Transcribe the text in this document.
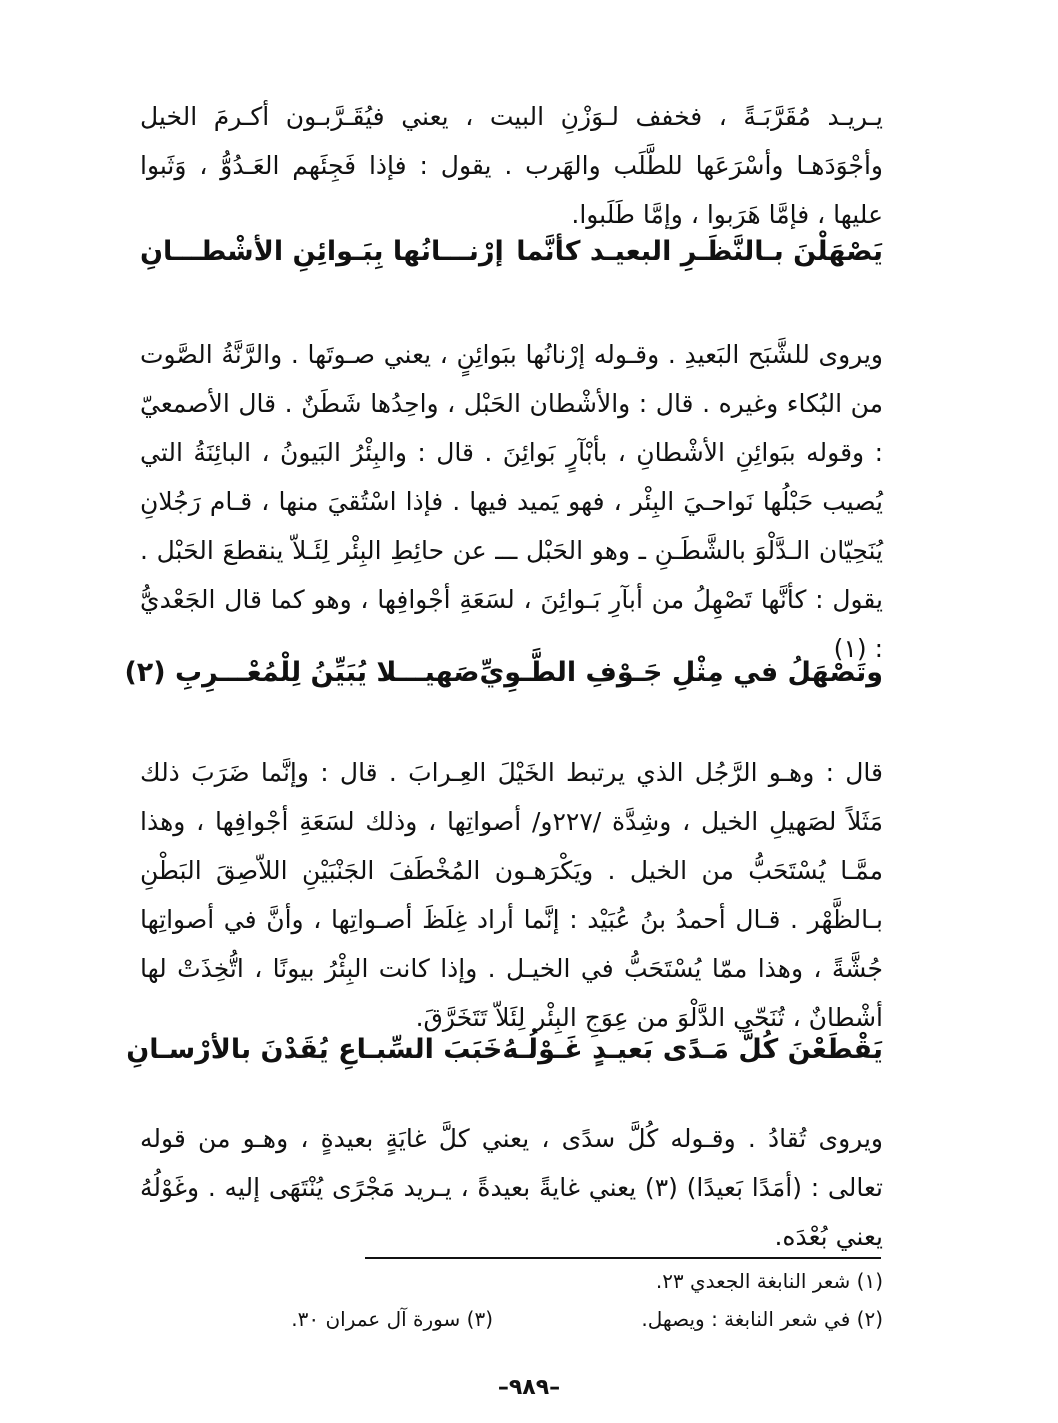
يـريـد مُقَرَّبَـةً ، فخفف لـوَزْنِ البيت ، يعني فيُقَـرَّبـون أكـرمَ الخيل وأجْوَدَهـا وأسْرَعَها للطَّلَب والهَرب . يقول : فإذا فَجِئَهم العَـدُوُّ ، وَثَبوا عليها ، فإمَّا هَرَبوا ، وإمَّا طَلَبوا.

يَصْهَلْنَ بـالنَّظَـرِ البعيـد كأنَّما
إرْنـــانُها بِبَـوائِنِ الأشْطـــانِ

ويروى للشَّبَح البَعيدِ . وقـوله إرْنانُها ببَوائِنٍ ، يعني صـوتَها . والرَّنَّةُ الصَّوت من البُكاء وغيره . قال : والأشْطان الحَبْل ، واحِدُها شَطَنٌ . قال الأصمعيّ : وقوله ببَوائِنِ الأشْطانِ ، بأبْآرٍ بَوائِنَ . قال : والبِئْرُ البَيونُ ، البائِنَةُ التي يُصيب حَبْلُها نَواحـيَ البِئْر ، فهو يَميد فيها . فإذا اسْتُقيَ منها ، قـام رَجُلانِ يُنَحِيّان الـدَّلْوَ بالشَّطَـنِ ـ وهو الحَبْل ـــ عن حائِطِ البِئْر لِئَـلاّ ينقطعَ الحَبْل . يقول : كأنَّها تَصْهِلُ من أبآرِ بَـوائِنَ ، لسَعَةِ أجْوافِها ، وهو كما قال الجَعْديُّ : (١)

وتَصْهَلُ في مِثْلِ جَـوْفِ الطَّـوِيِّ
صَهيـــلا يُبَيِّنُ لِلْمُعْـــرِبِ (٢)

قال : وهـو الرَّجُل الذي يرتبط الخَيْلَ العِـرابَ . قال : وإنَّما ضَرَبَ ذلك مَثَلاً لصَهيلِ الخيل ، وشِدَّة /٢٢٧و/ أصواتِها ، وذلك لسَعَةِ أجْوافِها ، وهذا ممَّـا يُسْتَحَبُّ من الخيل . ويَكْرَهـون المُخْطَفَ الجَنْبَيْنِ اللاّصِقَ البَطْنِ بـالظَّهْر . قـال أحمدُ بنُ عُبَيْد : إنَّما أراد غِلَظَ أصـواتِها ، وأنَّ في أصواتِها جُشَّةً ، وهذا ممّا يُسْتَحَبُّ في الخيـل . وإذا كانت البِئْرُ بيونًا ، اتُّخِذَتْ لها أشْطانٌ ، تُنَحّي الدَّلْوَ من عِوَجِ البِئْر لِئَلاّ تَتَخَرَّقَ.

يَقْطَعْنَ كُلَّ مَـدًى بَعيـدٍ غَـوْلُـهُ
خَبَبَ السِّبـاعِ يُقَدْنَ بالأرْسـانِ

ويروى تُقادُ . وقـوله كُلَّ سدًى ، يعني كلَّ غايَةٍ بعيدةٍ ، وهـو من قوله تعالى : (أمَدًا بَعيدًا) (٣) يعني غايةً بعيدةً ، يـريد مَجْرًى يُنْتَهَى إليه . وغَوْلُهُ يعني بُعْدَه.

(١) شعر النابغة الجعدي ٢٣.
(٢) في شعر النابغة : ويصهل.
(٣) سورة آل عمران ٣٠.
–٩٨٩–
